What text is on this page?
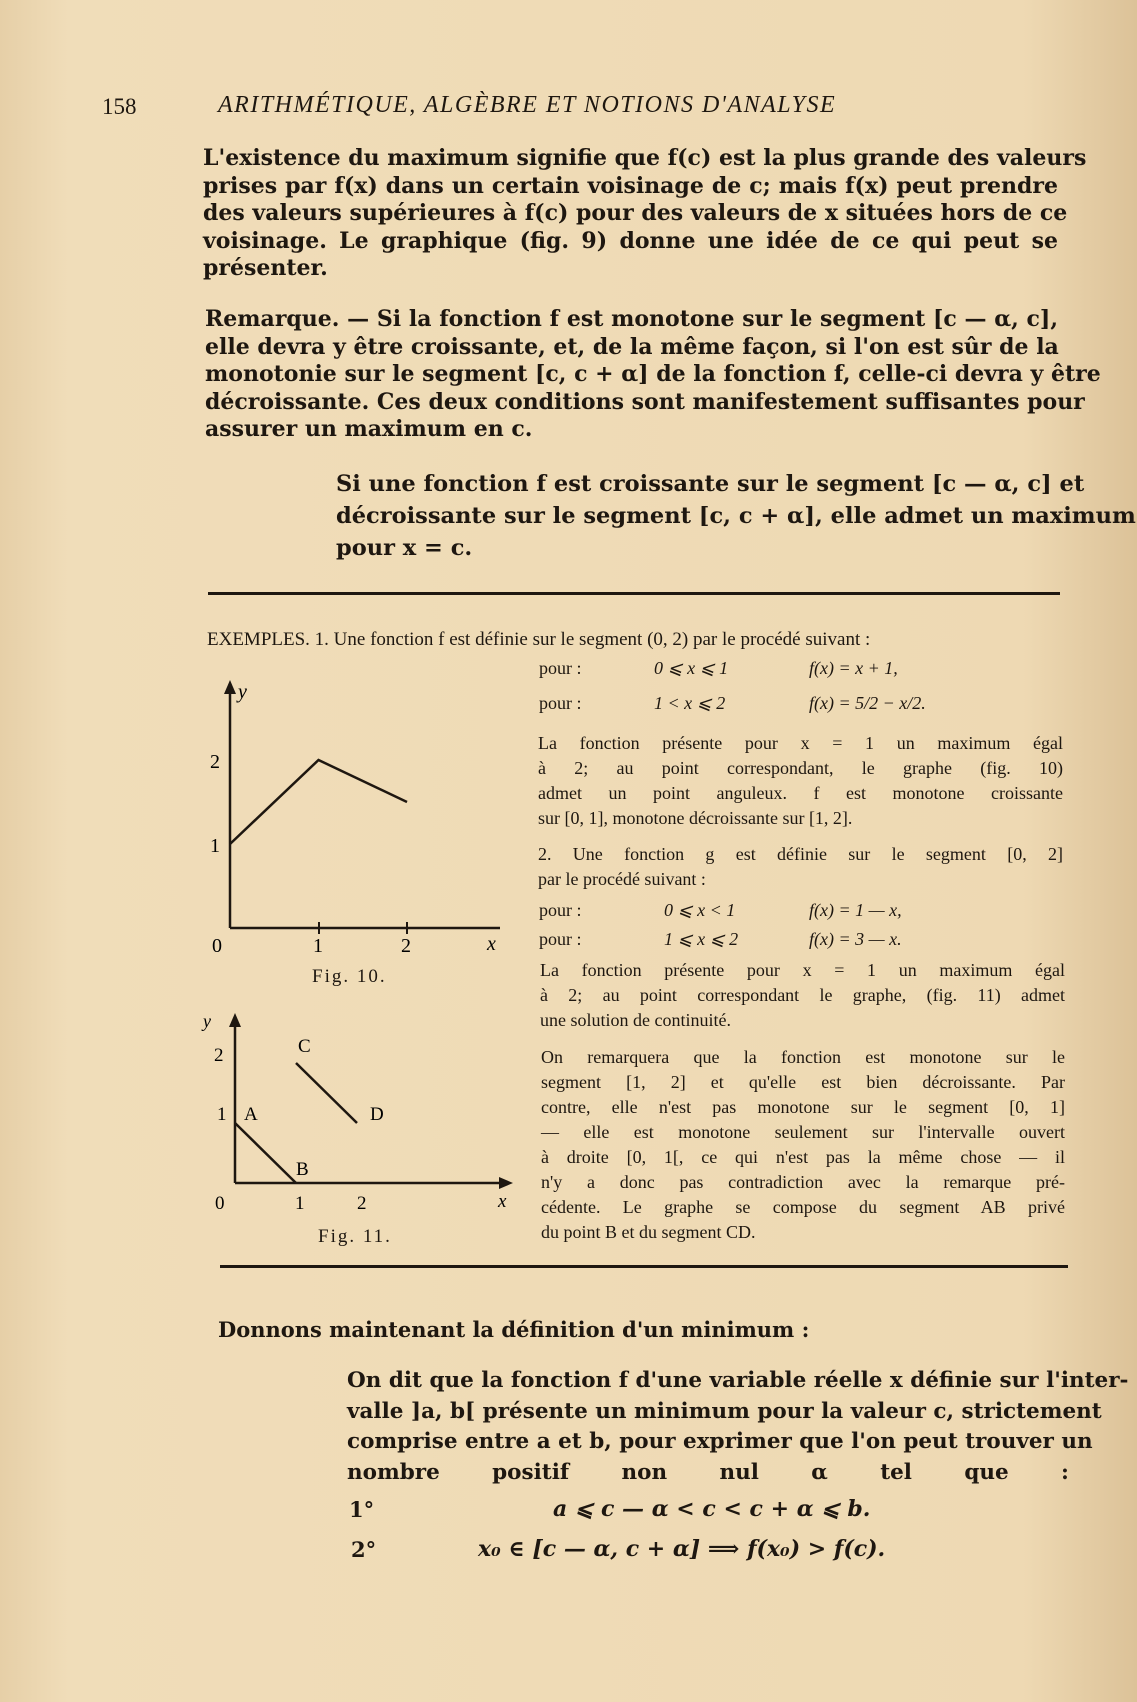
158	ARITHMÉTIQUE, ALGÈBRE ET NOTIONS D'ANALYSE
L'existence du maximum signifie que f(c) est la plus grande des valeurs
prises par f(x) dans un certain voisinage de c; mais f(x) peut prendre
des valeurs supérieures à f(c) pour des valeurs de x situées hors de ce
voisinage. Le graphique (fig. 9) donne une idée de ce qui peut se
présenter.
Remarque. — Si la fonction f est monotone sur le segment [c — α, c],
elle devra y être croissante, et, de la même façon, si l'on est sûr de la
monotonie sur le segment [c, c + α] de la fonction f, celle-ci devra y être
décroissante. Ces deux conditions sont manifestement suffisantes pour
assurer un maximum en c.
Si une fonction f est croissante sur le segment [c — α, c] et
décroissante sur le segment [c, c + α], elle admet un maximum
pour x = c.
EXEMPLES. 1. Une fonction f est définie sur le segment (0, 2) par le procédé suivant :
pour :	0 ⩽ x ⩽ 1	f(x) = x + 1,
pour :	1 < x ⩽ 2	f(x) = 5/2 − x/2.
La fonction présente pour x = 1 un maximum égal
à 2; au point correspondant, le graphe (fig. 10)
admet un point anguleux. f est monotone croissante
sur [0, 1], monotone décroissante sur [1, 2].
2. Une fonction g est définie sur le segment [0, 2]
par le procédé suivant :
pour :	0 ⩽ x < 1	f(x) = 1 — x,
pour :	1 ⩽ x ⩽ 2	f(x) = 3 — x.
La fonction présente pour x = 1 un maximum égal
à 2; au point correspondant le graphe, (fig. 11) admet
une solution de continuité.
On remarquera que la fonction est monotone sur le
segment [1, 2] et qu'elle est bien décroissante. Par
contre, elle n'est pas monotone sur le segment [0, 1]
— elle est monotone seulement sur l'intervalle ouvert
à droite [0, 1[, ce qui n'est pas la même chose — il
n'y a donc pas contradiction avec la remarque pré-
cédente. Le graphe se compose du segment AB privé
du point B et du segment CD.
y
2
1
0	1	2	x
Fig. 10.
y
2
1 A
B
C
D
0	1	2	x
Fig. 11.
Donnons maintenant la définition d'un minimum :
On dit que la fonction f d'une variable réelle x définie sur l'inter-
valle ]a, b[ présente un minimum pour la valeur c, strictement
comprise entre a et b, pour exprimer que l'on peut trouver un
nombre positif non nul α tel que :
1°	a ⩽ c — α < c < c + α ⩽ b.
2°	x₀ ∈ [c — α, c + α] ⟹ f(x₀) > f(c).
